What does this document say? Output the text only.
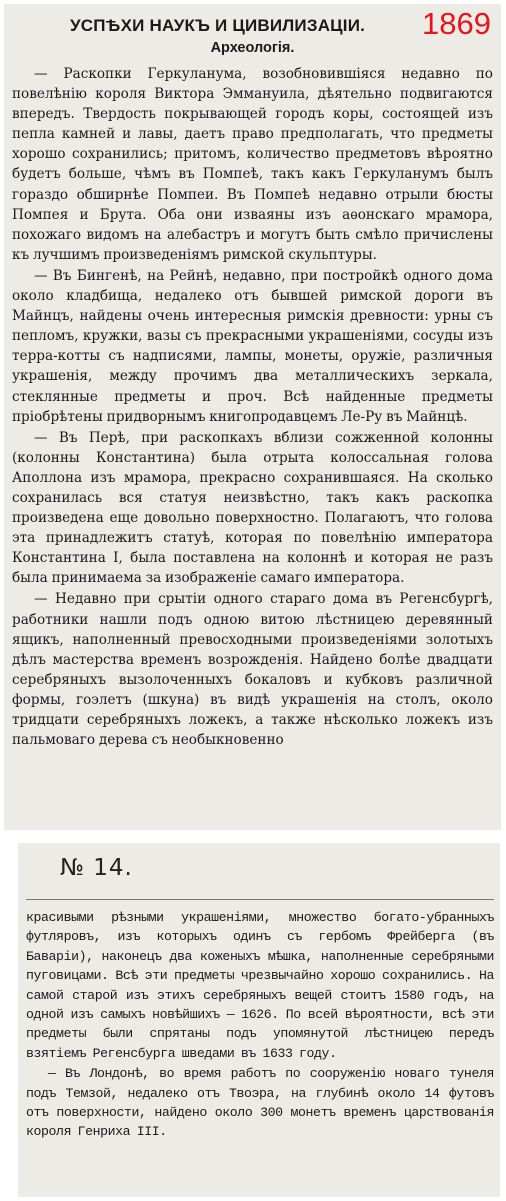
1869
УСПѢХИ НАУКЪ И ЦИВИЛИЗАЦІИ.
Археологія.

— Раскопки Геркуланума, возобновившіяся недавно по повелѣнію короля Виктора Эммануила, дѣятельно подвигаются впередъ. Твердость покрывающей городъ коры, состоящей изъ пепла камней и лавы, даетъ право предполагать, что предметы хорошо сохранились; притомъ, количество предметовъ вѣроятно будетъ больше, чѣмъ въ Помпеѣ, такъ какъ Геркуланумъ былъ гораздо обширнѣе Помпеи. Въ Помпеѣ недавно отрыли бюсты Помпея и Брута. Оба они изваяны изъ аѳонскаго мрамора, похожаго видомъ на алебастръ и могутъ быть смѣло причислены къ лучшимъ произведеніямъ римской скульптуры.

— Въ Бингенѣ, на Рейнѣ, недавно, при постройкѣ одного дома около кладбища, недалеко отъ бывшей римской дороги въ Майнцъ, найдены очень интересныя римскія древности: урны съ пепломъ, кружки, вазы съ прекрасными украшеніями, сосуды изъ терра-котты съ надписями, лампы, монеты, оружіе, различныя украшенія, между прочимъ два металлическихъ зеркала, стеклянные предметы и проч. Всѣ найденные предметы пріобрѣтены придворнымъ книгопродавцемъ Ле-Ру въ Майнцѣ.

— Въ Перѣ, при раскопкахъ вблизи сожженной колонны (колонны Константина) была отрыта колоссальная голова Аполлона изъ мрамора, прекрасно сохранившаяся. На сколько сохранилась вся статуя неизвѣстно, такъ какъ раскопка произведена еще довольно поверхностно. Полагаютъ, что голова эта принадлежитъ статуѣ, которая по повелѣнію императора Константина I, была поставлена на колоннѣ и которая не разъ была принимаема за изображеніе самаго императора.

— Недавно при срытіи одного стараго дома въ Регенсбургѣ, работники нашли подъ одною витою лѣстницею деревянный ящикъ, наполненный превосходными произведеніями золотыхъ дѣлъ мастерства временъ возрожденія. Найдено болѣе двадцати серебряныхъ вызолоченныхъ бокаловъ и кубковъ различной формы, гоэлетъ (шкуна) въ видѣ украшенія на столъ, около тридцати серебряныхъ ложекъ, а также нѣсколько ложекъ изъ пальмоваго дерева съ необыкновенно

№ 14.

красивыми рѣзными украшеніями, множество богато-убранныхъ футляровъ, изъ которыхъ одинъ съ гербомъ Фрейберга (въ Баваріи), наконецъ два коженыхъ мѣшка, наполненные серебряными пуговицами. Всѣ эти предметы чрезвычайно хорошо сохранились. На самой старой изъ этихъ серебряныхъ вещей стоитъ 1580 годъ, на одной изъ самыхъ новѣйшихъ — 1626. По всей вѣроятности, всѣ эти предметы были спрятаны подъ упомянутой лѣстницею передъ взятіемъ Регенсбурга шведами въ 1633 году.

— Въ Лондонѣ, во время работъ по сооруженію новаго тунеля подъ Темзой, недалеко отъ Твоэра, на глубинѣ около 14 футовъ отъ поверхности, найдено около 300 монетъ временъ царствованія короля Генриха III.
